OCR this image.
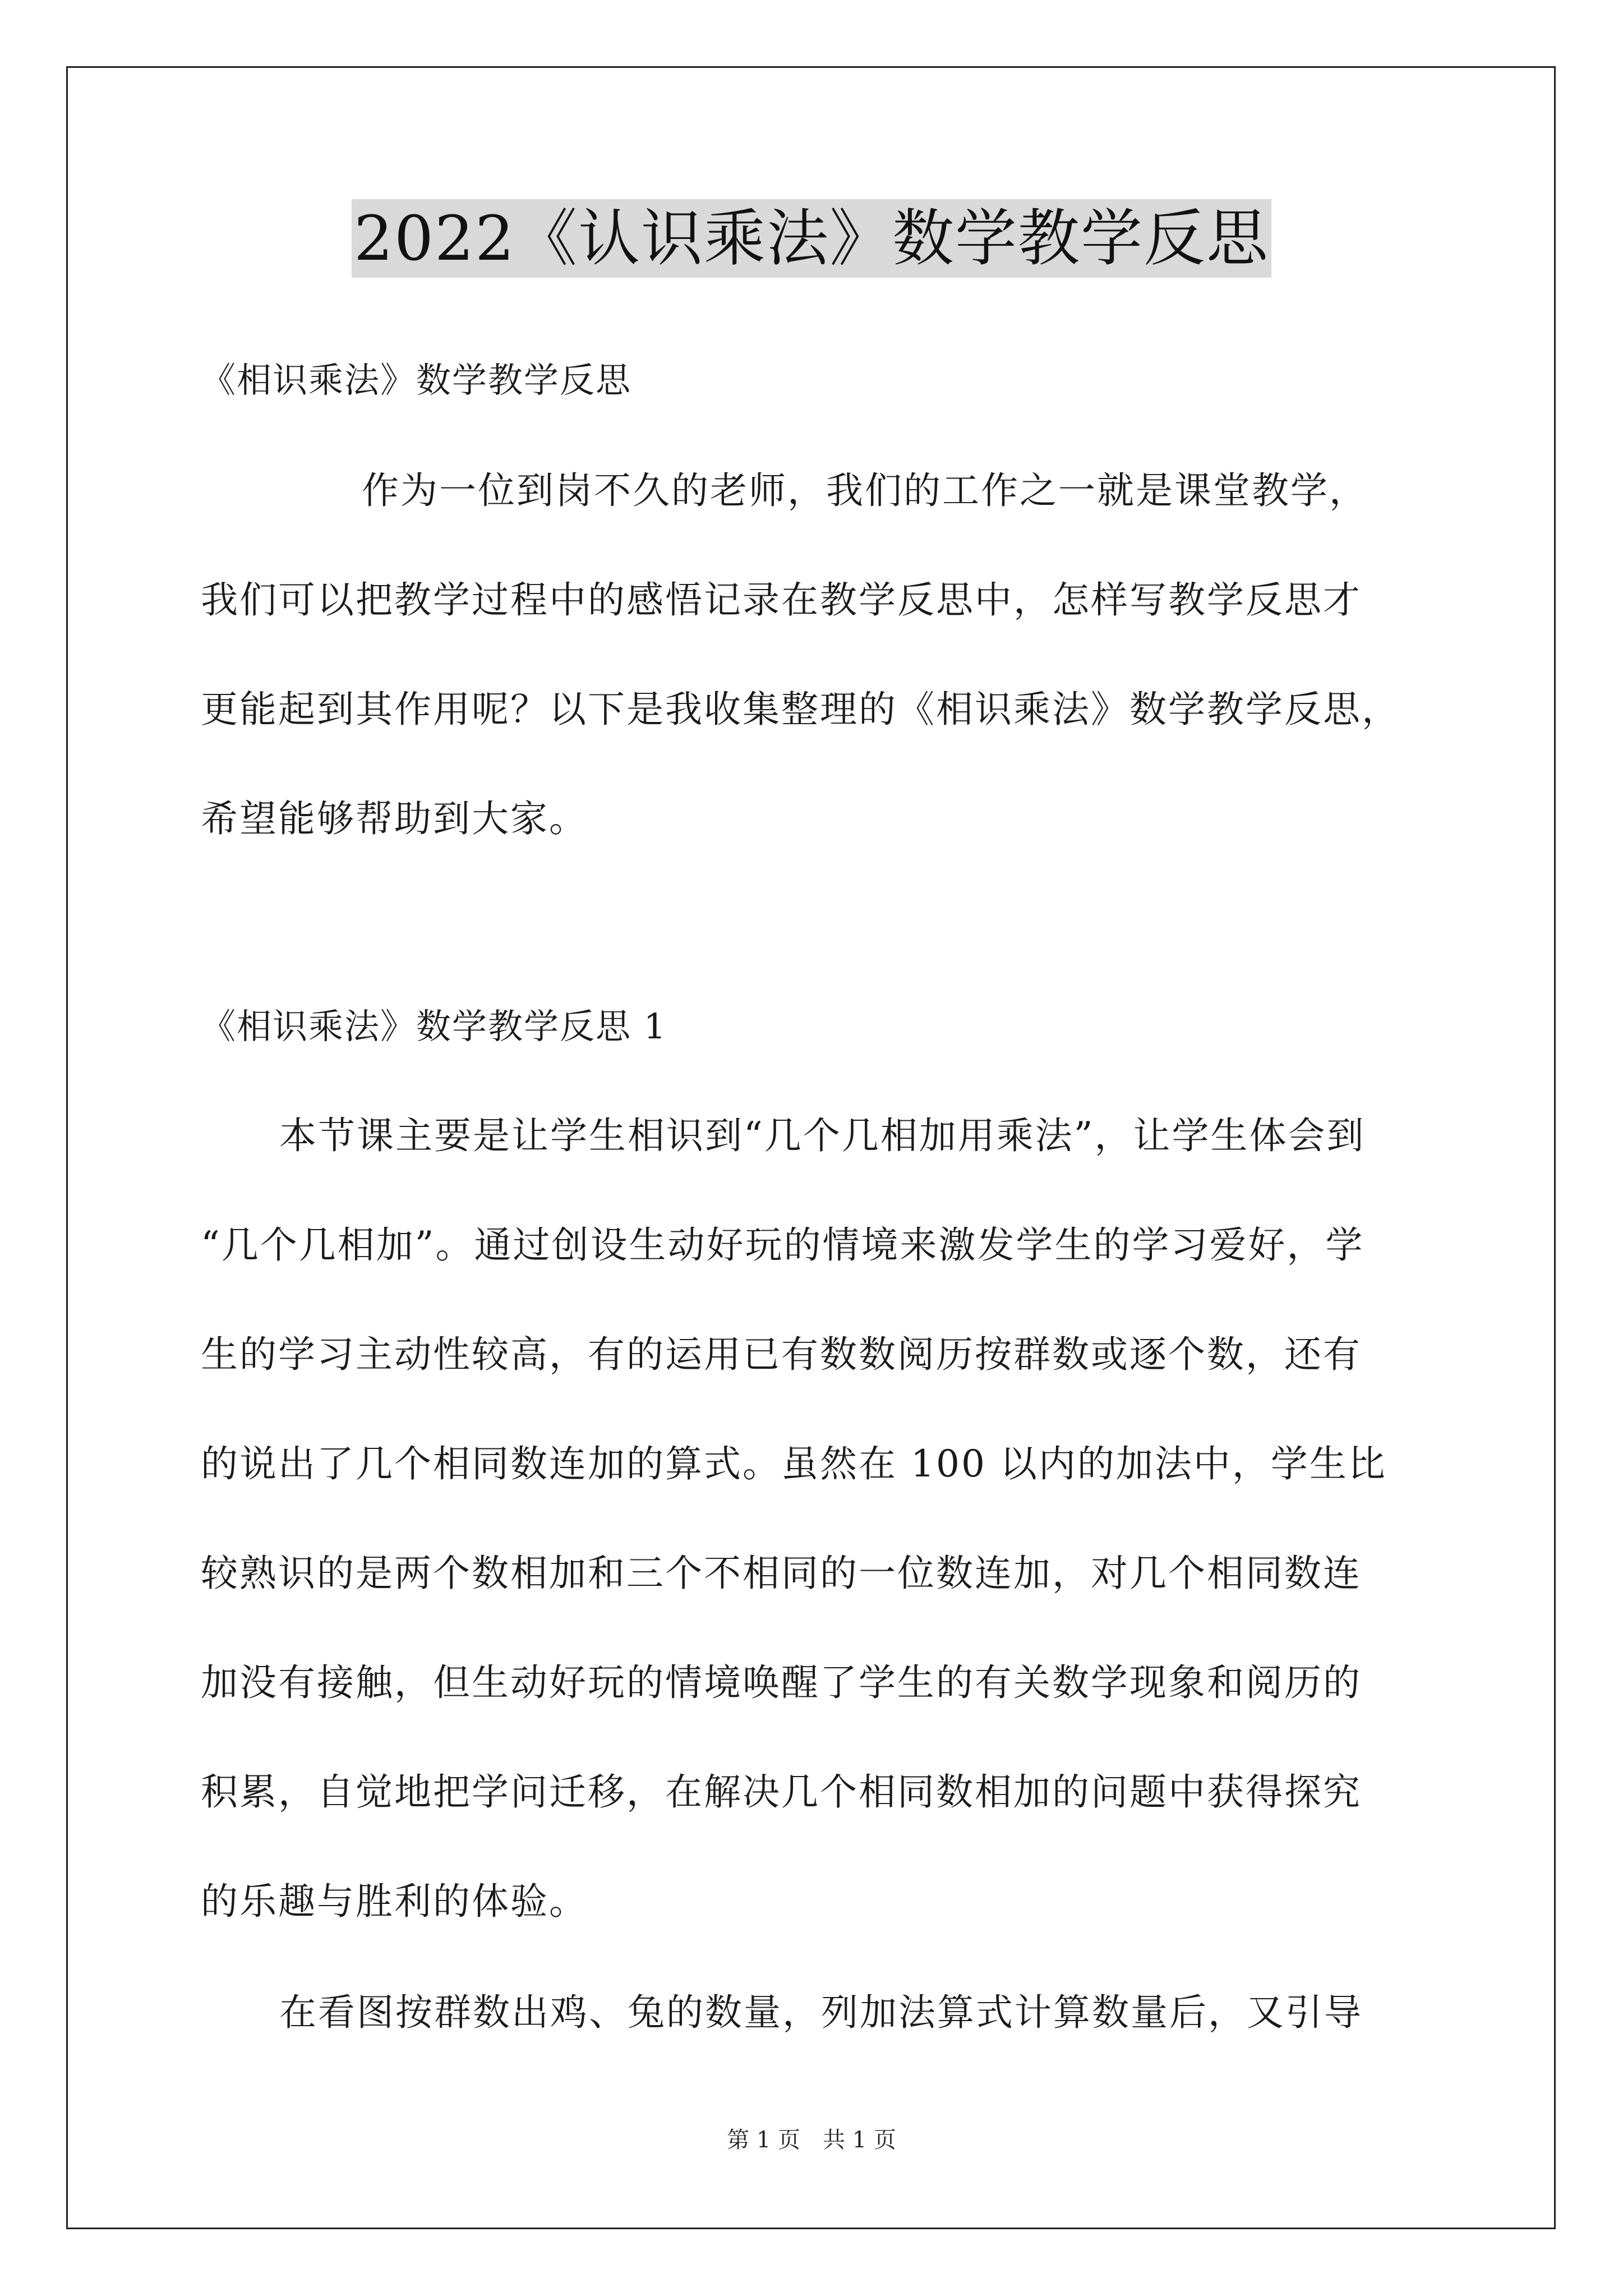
2022《认识乘法》数学教学反思
《相识乘法》数学教学反思
作为一位到岗不久的老师，我们的工作之一就是课堂教学，
我们可以把教学过程中的感悟记录在教学反思中，怎样写教学反思才
更能起到其作用呢？以下是我收集整理的《相识乘法》数学教学反思，
希望能够帮助到大家。
《相识乘法》数学教学反思 1
本节课主要是让学生相识到“几个几相加用乘法”，让学生体会到
“几个几相加”。通过创设生动好玩的情境来激发学生的学习爱好，学
生的学习主动性较高，有的运用已有数数阅历按群数或逐个数，还有
的说出了几个相同数连加的算式。虽然在 100 以内的加法中，学生比
较熟识的是两个数相加和三个不相同的一位数连加，对几个相同数连
加没有接触，但生动好玩的情境唤醒了学生的有关数学现象和阅历的
积累，自觉地把学问迁移，在解决几个相同数相加的问题中获得探究
的乐趣与胜利的体验。
在看图按群数出鸡、兔的数量，列加法算式计算数量后，又引导
第 1 页　共 1 页
